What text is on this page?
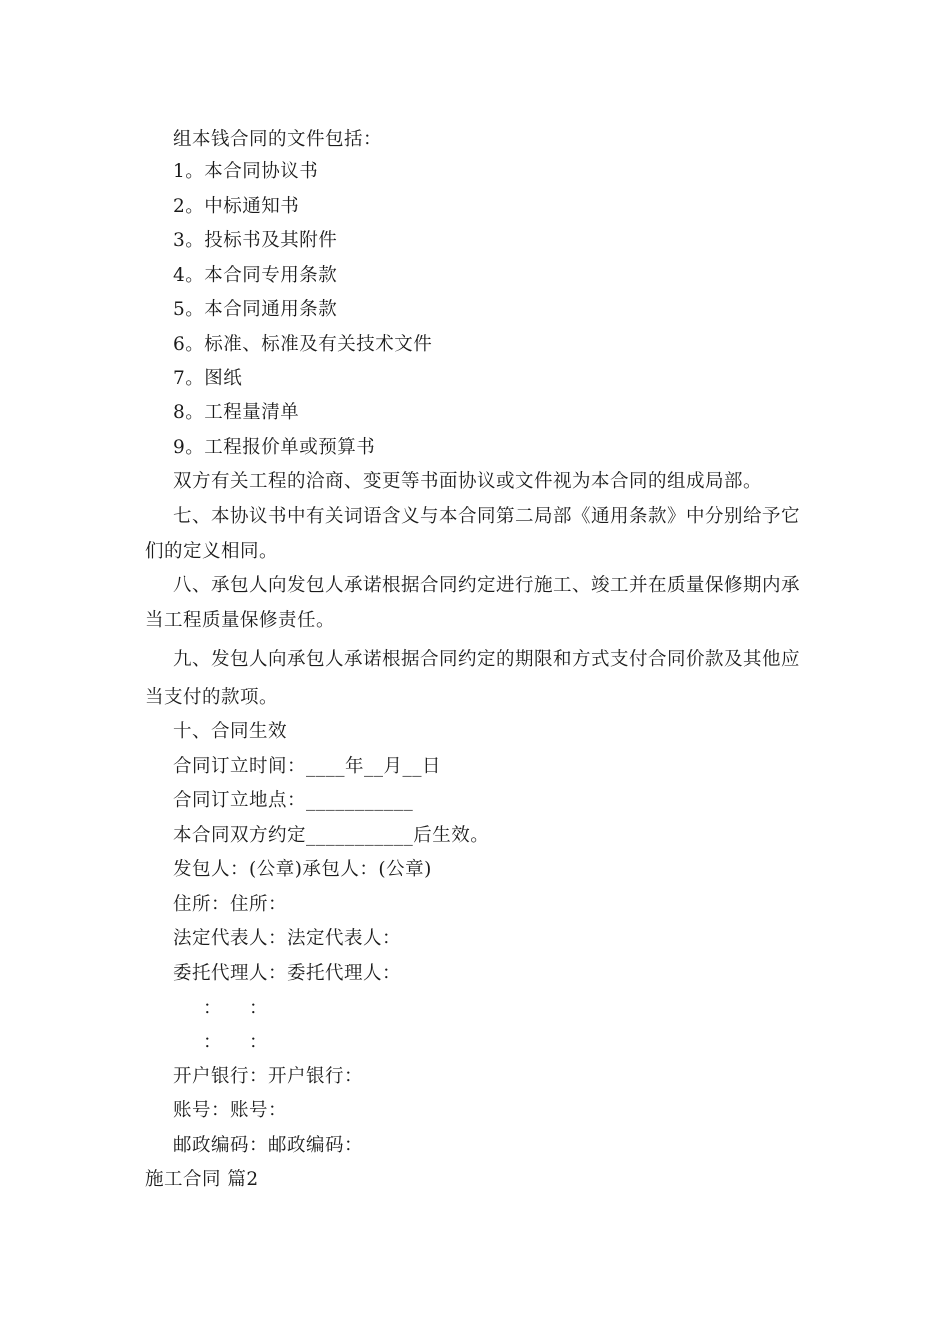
组本钱合同的文件包括：
1。本合同协议书
2。中标通知书
3。投标书及其附件
4。本合同专用条款
5。本合同通用条款
6。标准、标准及有关技术文件
7。图纸
8。工程量清单
9。工程报价单或预算书
双方有关工程的洽商、变更等书面协议或文件视为本合同的组成局部。
七、本协议书中有关词语含义与本合同第二局部《通用条款》中分别给予它
们的定义相同。
八、承包人向发包人承诺根据合同约定进行施工、竣工并在质量保修期内承
当工程质量保修责任。
九、发包人向承包人承诺根据合同约定的期限和方式支付合同价款及其他应
当支付的款项。
十、合同生效
合同订立时间：____年__月__日
合同订立地点：___________
本合同双方约定___________后生效。
发包人：(公章)承包人：(公章)
住所：住所：
法定代表人：法定代表人：
委托代理人：委托代理人：
： ：
： ：
开户银行：开户银行：
账号：账号：
邮政编码：邮政编码：
施工合同 篇2
